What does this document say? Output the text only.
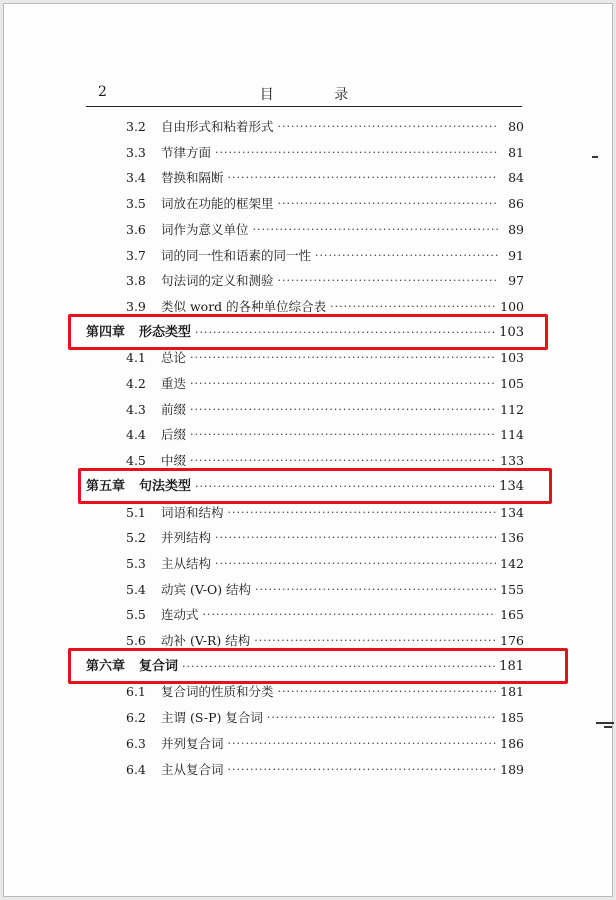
2	目 录
3.2	自由形式和粘着形式 ·····	80
3.3	节律方面 ·····	81
3.4	替换和隔断 ·····	84
3.5	词放在功能的框架里 ·····	86
3.6	词作为意义单位 ·····	89
3.7	词的同一性和语素的同一性 ·····	91
3.8	句法词的定义和测验 ·····	97
3.9	类似 word 的各种单位综合表 ·····	100
第四章 形态类型 ·····	103
4.1	总论 ·····	103
4.2	重迭 ·····	105
4.3	前缀 ·····	112
4.4	后缀 ·····	114
4.5	中缀 ·····	133
第五章 句法类型 ·····	134
5.1	词语和结构 ·····	134
5.2	并列结构 ·····	136
5.3	主从结构 ·····	142
5.4	动宾 (V-O) 结构 ·····	155
5.5	连动式 ·····	165
5.6	动补 (V-R) 结构 ·····	176
第六章 复合词 ·····	181
6.1	复合词的性质和分类 ·····	181
6.2	主谓 (S-P) 复合词 ·····	185
6.3	并列复合词 ·····	186
6.4	主从复合词 ·····	189
